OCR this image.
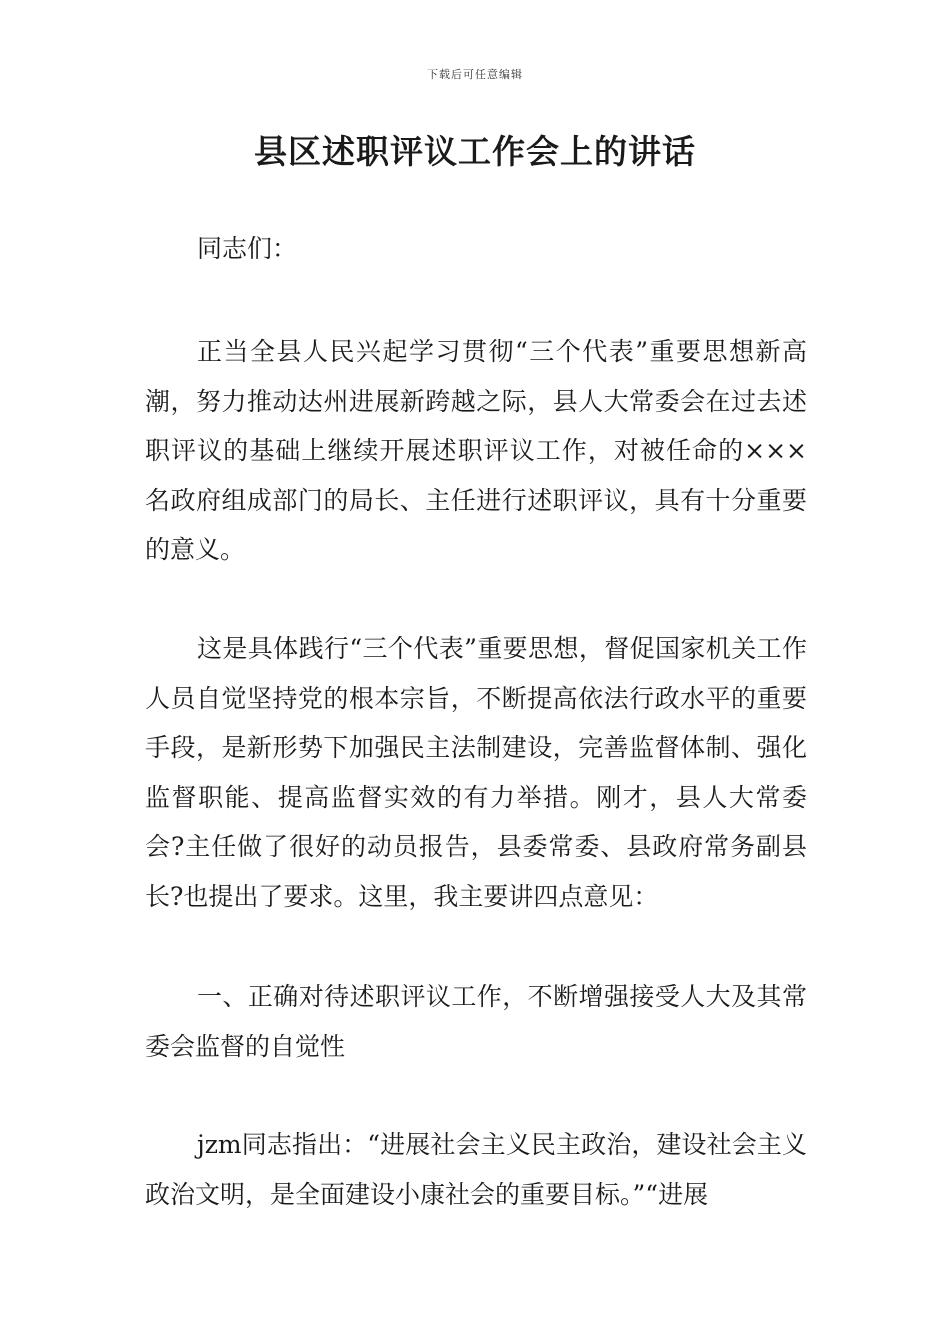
下载后可任意编辑
县区述职评议工作会上的讲话

同志们：

正当全县人民兴起学习贯彻“三个代表”重要思想新高潮，努力推动达州进展新跨越之际，县人大常委会在过去述职评议的基础上继续开展述职评议工作，对被任命的×××名政府组成部门的局长、主任进行述职评议，具有十分重要的意义。

这是具体践行“三个代表”重要思想，督促国家机关工作人员自觉坚持党的根本宗旨，不断提高依法行政水平的重要手段，是新形势下加强民主法制建设，完善监督体制、强化监督职能、提高监督实效的有力举措。刚才，县人大常委会?主任做了很好的动员报告，县委常委、县政府常务副县长?也提出了要求。这里，我主要讲四点意见：

一、正确对待述职评议工作，不断增强接受人大及其常委会监督的自觉性

jzm同志指出：“进展社会主义民主政治，建设社会主义政治文明，是全面建设小康社会的重要目标。”“进展
